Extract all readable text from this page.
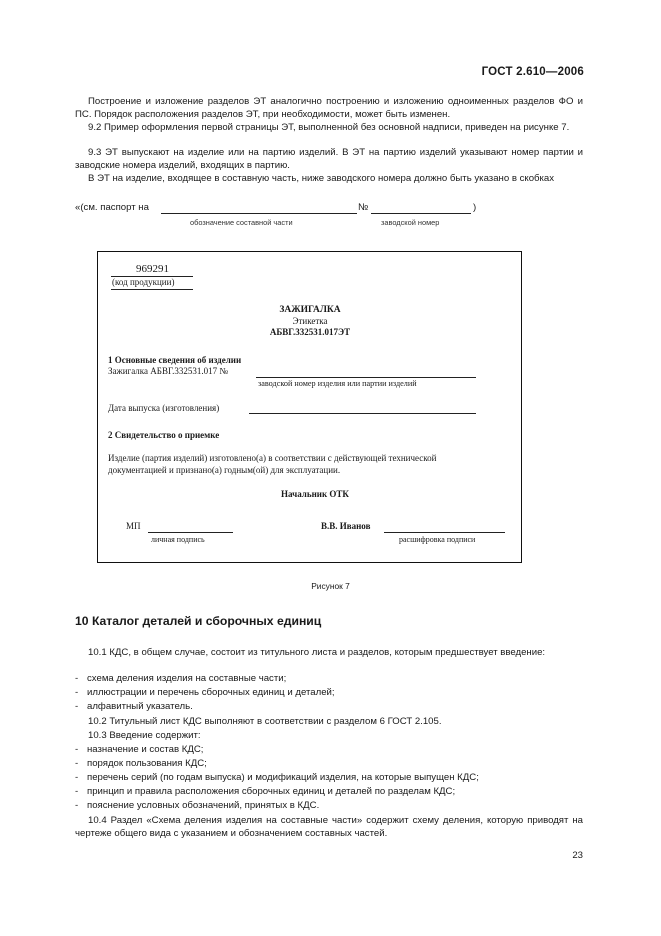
ГОСТ 2.610—2006
Построение и изложение разделов ЭТ аналогично построению и изложению одноименных разделов ФО и ПС. Порядок расположения разделов ЭТ, при необходимости, может быть изменен.
9.2 Пример оформления первой страницы ЭТ, выполненной без основной надписи, приведен на рисунке 7.
9.3 ЭТ выпускают на изделие или на партию изделий. В ЭТ на партию изделий указывают номер партии и заводские номера изделий, входящих в партию.
В ЭТ на изделие, входящее в составную часть, ниже заводского номера должно быть указано в скобках
«(см. паспорт на	№	)
обозначение составной части	заводской номер
969291
(код продукции)
ЗАЖИГАЛКА
Этикетка
АБВГ.332531.017ЭТ
1 Основные сведения об изделии
Зажигалка АБВГ.332531.017 №
заводской номер изделия или партии изделий
Дата выпуска (изготовления)
2 Свидетельство о приемке
Изделие (партия изделий) изготовлено(а) в соответствии с действующей технической
документацией и признано(а) годным(ой) для эксплуатации.
Начальник ОТК
МП
личная подпись
В.В. Иванов
расшифровка подписи
Рисунок 7
10 Каталог деталей и сборочных единиц
10.1 КДС, в общем случае, состоит из титульного листа и разделов, которым предшествует введение:
- схема деления изделия на составные части;
- иллюстрации и перечень сборочных единиц и деталей;
- алфавитный указатель.
10.2 Титульный лист КДС выполняют в соответствии с разделом 6 ГОСТ 2.105.
10.3 Введение содержит:
- назначение и состав КДС;
- порядок пользования КДС;
- перечень серий (по годам выпуска) и модификаций изделия, на которые выпущен КДС;
- принцип и правила расположения сборочных единиц и деталей по разделам КДС;
- пояснение условных обозначений, принятых в КДС.
10.4 Раздел «Схема деления изделия на составные части» содержит схему деления, которую приводят на чертеже общего вида с указанием и обозначением составных частей.
23
